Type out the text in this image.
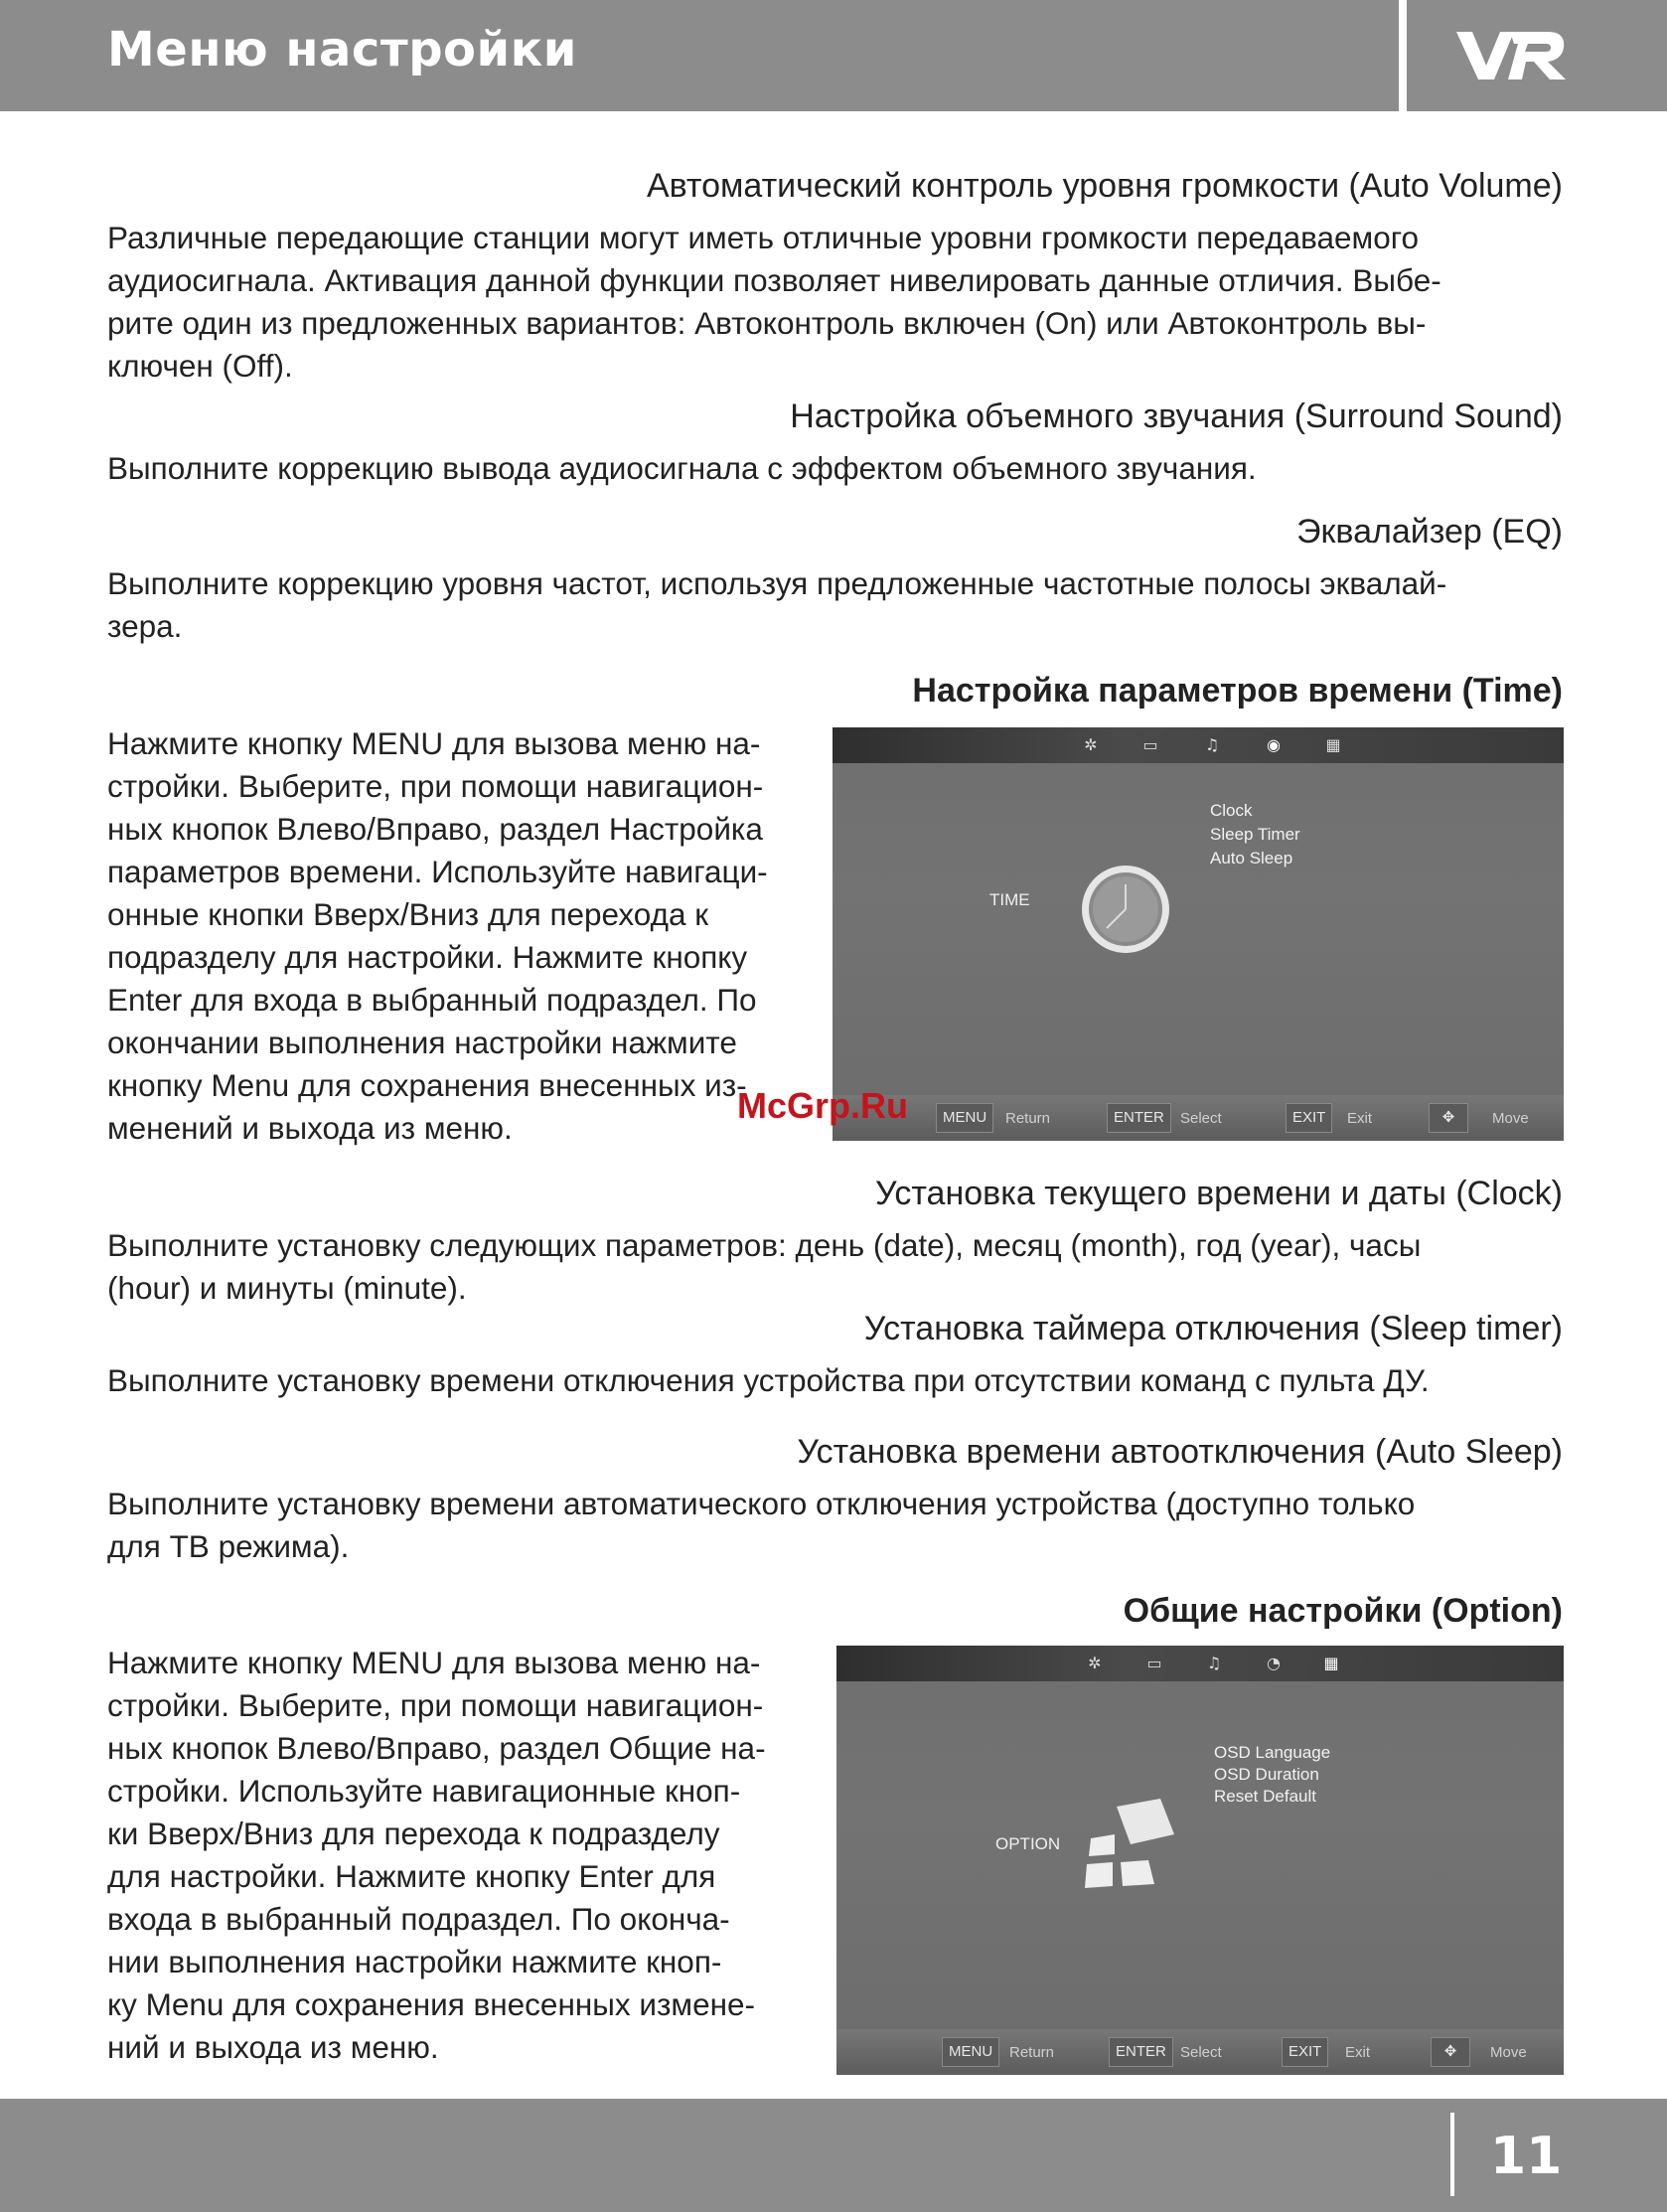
Меню настройки
Автоматический контроль уровня громкости (Auto Volume)
Различные передающие станции могут иметь отличные уровни громкости передаваемого
аудиосигнала. Активация данной функции позволяет нивелировать данные отличия. Выбе-
рите один из предложенных вариантов: Автоконтроль включен (On) или Автоконтроль вы-
ключен (Off).
Настройка объемного звучания (Surround Sound)
Выполните коррекцию вывода аудиосигнала с эффектом объемного звучания.
Эквалайзер (EQ)
Выполните коррекцию уровня частот, используя предложенные частотные полосы эквалай-
зера.
Настройка параметров времени (Time)
Нажмите кнопку MENU для вызова меню на-
стройки. Выберите, при помощи навигацион-
ных кнопок Влево/Вправо, раздел Настройка
параметров времени. Используйте навигаци-
онные кнопки Вверх/Вниз для перехода к
подразделу для настройки. Нажмите кнопку
Enter для входа в выбранный подраздел. По
окончании выполнения настройки нажмите
кнопку Menu для сохранения внесенных из-
менений и выхода из меню.
✲	▭	♫	◉	▦
TIME
Clock
Sleep Timer
Auto Sleep
MENU	Return	ENTER	Select	EXIT	Exit	✥	Move
Установка текущего времени и даты (Clock)
Выполните установку следующих параметров: день (date), месяц (month), год (year), часы
(hour) и минуты (minute).
Установка таймера отключения (Sleep timer)
Выполните установку времени отключения устройства при отсутствии команд с пульта ДУ.
Установка времени автоотключения (Auto Sleep)
Выполните установку времени автоматического отключения устройства (доступно только
для ТВ режима).
Общие настройки (Option)
Нажмите кнопку MENU для вызова меню на-
стройки. Выберите, при помощи навигацион-
ных кнопок Влево/Вправо, раздел Общие на-
стройки. Используйте навигационные кноп-
ки Вверх/Вниз для перехода к подразделу
для настройки. Нажмите кнопку Enter для
входа в выбранный подраздел. По оконча-
нии выполнения настройки нажмите кноп-
ку Menu для сохранения внесенных измене-
ний и выхода из меню.
✲	▭	♫	◔	▦
OPTION
OSD Language
OSD Duration
Reset Default
MENU	Return	ENTER Select	EXIT	Exit	✥	Move
McGrp.Ru
11
